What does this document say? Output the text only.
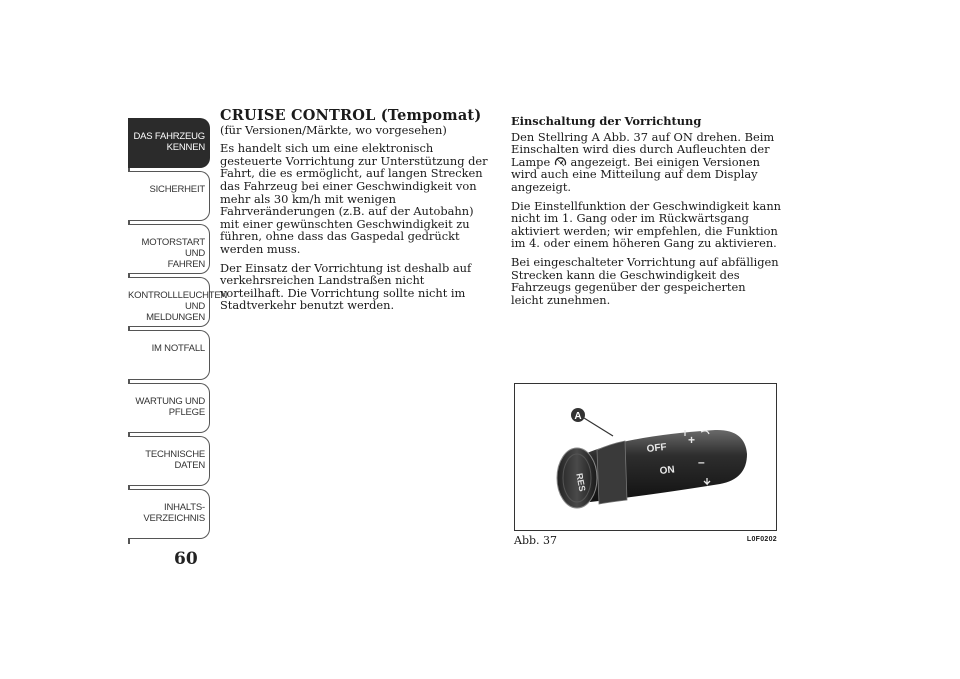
DAS FAHRZEUG
KENNEN
SICHERHEIT
MOTORSTART UND
FAHREN
KONTROLLLEUCHTEN
UND MELDUNGEN
IM NOTFALL
WARTUNG UND
PFLEGE
TECHNISCHE
DATEN
INHALTS-
VERZEICHNIS
60
CRUISE CONTROL (Tempomat)
(für Versionen/Märkte, wo vorgesehen)

Es handelt sich um eine elektronisch gesteuerte Vorrichtung zur Unterstützung der Fahrt, die es ermöglicht, auf langen Strecken das Fahrzeug bei einer Geschwindigkeit von mehr als 30 km/h mit wenigen Fahrveränderungen (z.B. auf der Autobahn) mit einer gewünschten Geschwindigkeit zu führen, ohne dass das Gaspedal gedrückt werden muss.

Der Einsatz der Vorrichtung ist deshalb auf verkehrsreichen Landstraßen nicht vorteilhaft. Die Vorrichtung sollte nicht im Stadtverkehr benutzt werden.

Einschaltung der Vorrichtung

Den Stellring A Abb. 37 auf ON drehen. Beim Einschalten wird dies durch Aufleuchten der Lampe angezeigt. Bei einigen Versionen wird auch eine Mitteilung auf dem Display angezeigt.

Die Einstellfunktion der Geschwindigkeit kann nicht im 1. Gang oder im Rückwärtsgang aktiviert werden; wir empfehlen, die Funktion im 4. oder einem höheren Gang zu aktivieren.

Bei eingeschalteter Vorrichtung auf abfälligen Strecken kann die Geschwindigkeit des Fahrzeugs gegenüber der gespeicherten leicht zunehmen.

RES
A
OFF
ON
+
–
Abb. 37	L0F0202
